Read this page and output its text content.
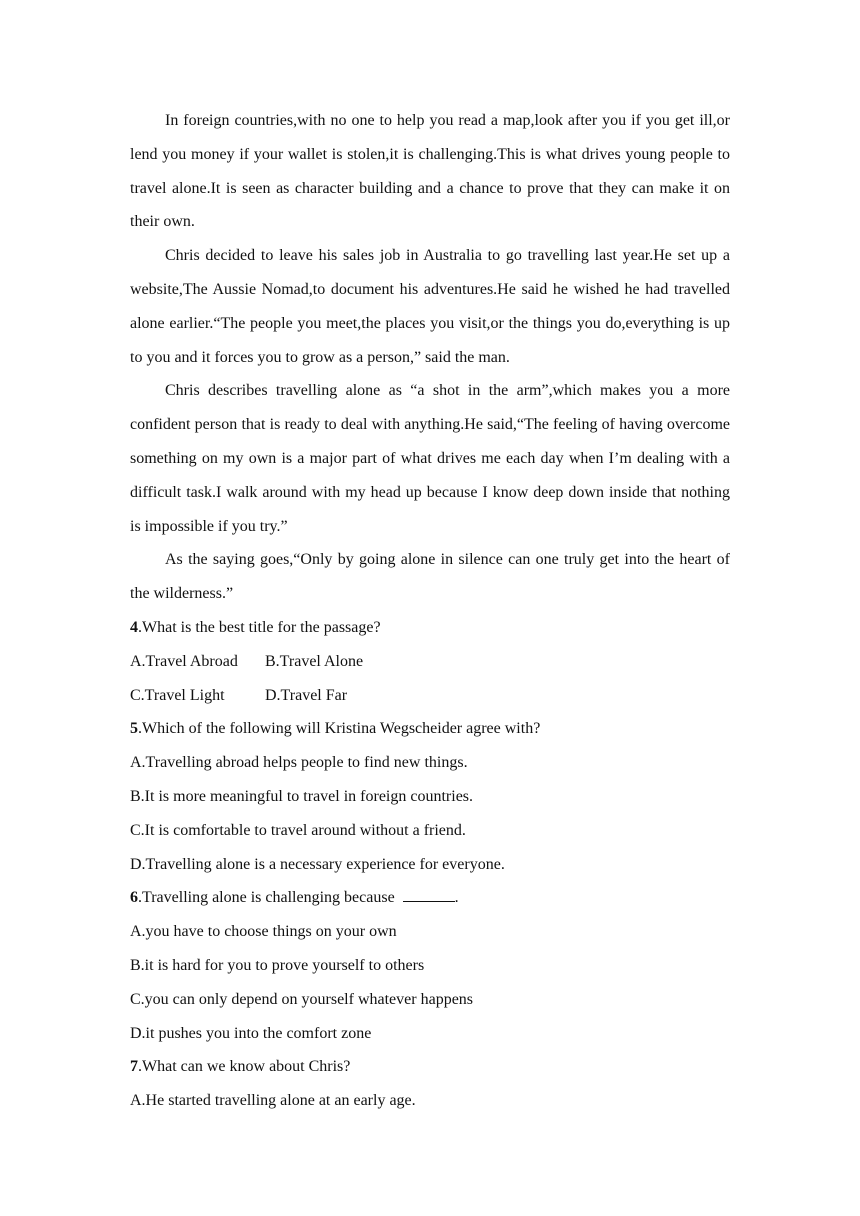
In foreign countries,with no one to help you read a map,look after you if you get ill,or lend you money if your wallet is stolen,it is challenging.This is what drives young people to travel alone.It is seen as character building and a chance to prove that they can make it on their own.

Chris decided to leave his sales job in Australia to go travelling last year.He set up a website,The Aussie Nomad,to document his adventures.He said he wished he had travelled alone earlier.“The people you meet,the places you visit,or the things you do,everything is up to you and it forces you to grow as a person,” said the man.

Chris describes travelling alone as “a shot in the arm”,which makes you a more confident person that is ready to deal with anything.He said,“The feeling of having overcome something on my own is a major part of what drives me each day when I’m dealing with a difficult task.I walk around with my head up because I know deep down inside that nothing is impossible if you try.”

As the saying goes,“Only by going alone in silence can one truly get into the heart of the wilderness.”

4.What is the best title for the passage?

A.Travel Abroad B.Travel Alone

C.Travel Light	D.Travel Far

5.Which of the following will Kristina Wegscheider agree with?

A.Travelling abroad helps people to find new things.

B.It is more meaningful to travel in foreign countries.

C.It is comfortable to travel around without a friend.

D.Travelling alone is a necessary experience for everyone.

6.Travelling alone is challenging because	.

A.you have to choose things on your own

B.it is hard for you to prove yourself to others

C.you can only depend on yourself whatever happens

D.it pushes you into the comfort zone

7.What can we know about Chris?

A.He started travelling alone at an early age.
